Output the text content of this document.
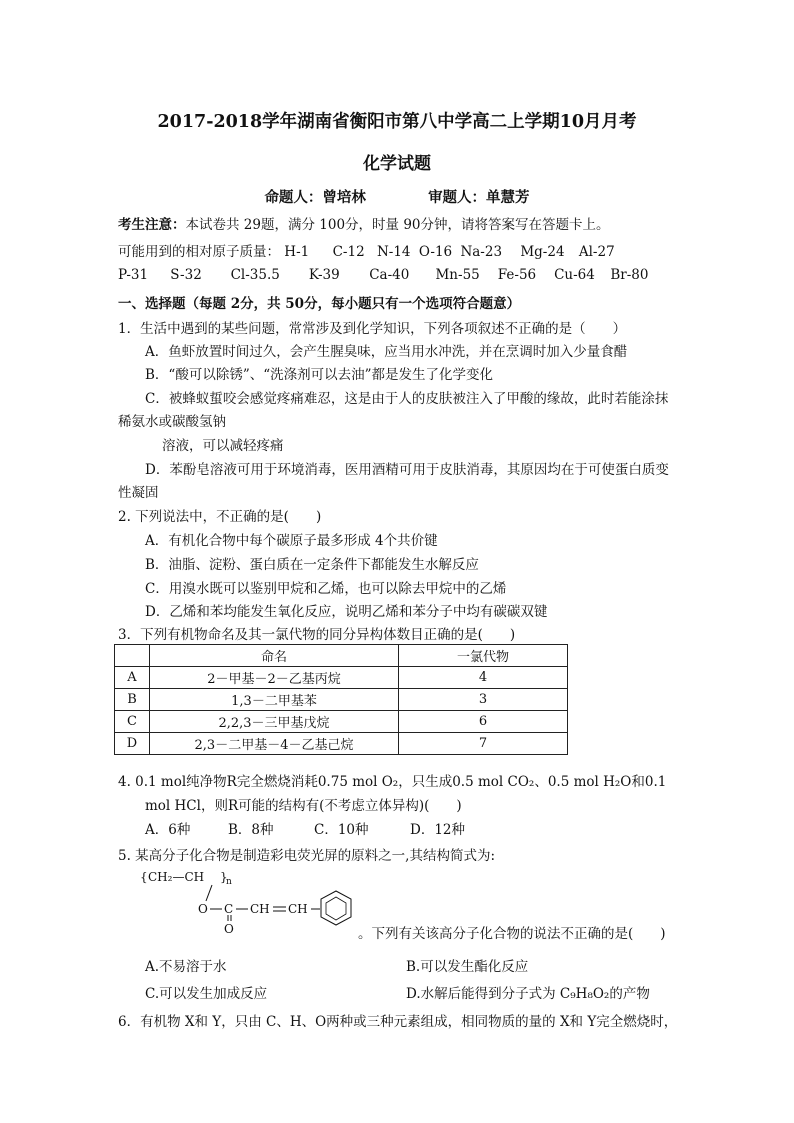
2017-2018学年湖南省衡阳市第八中学高二上学期10月月考
化学试题
命题人：曾培林	审题人：单慧芳
考生注意：本试卷共 29题，满分 100分，时量 90分钟，请将答案写在答题卡上。
可能用到的相对原子质量： H-1 C-12 N-14 O-16 Na-23 Mg-24 Al-27
P-31 S-32 Cl-35.5 K-39 Ca-40 Mn-55 Fe-56 Cu-64 Br-80
一、选择题（每题 2分，共 50分，每小题只有一个选项符合题意）
1．生活中遇到的某些问题，常常涉及到化学知识，下列各项叙述不正确的是（　　）
A．鱼虾放置时间过久，会产生腥臭味，应当用水冲洗，并在烹调时加入少量食醋
B．“酸可以除锈”、“洗涤剂可以去油”都是发生了化学变化
C．被蜂蚁蜇咬会感觉疼痛难忍，这是由于人的皮肤被注入了甲酸的缘故，此时若能涂抹
稀氨水或碳酸氢钠
溶液，可以减轻疼痛
D．苯酚皂溶液可用于环境消毒，医用酒精可用于皮肤消毒，其原因均在于可使蛋白质变
性凝固
2. 下列说法中，不正确的是(　　)
A．有机化合物中每个碳原子最多形成 4个共价键
B．油脂、淀粉、蛋白质在一定条件下都能发生水解反应
C．用溴水既可以鉴别甲烷和乙烯，也可以除去甲烷中的乙烯
D．乙烯和苯均能发生氧化反应，说明乙烯和苯分子中均有碳碳双键
3．下列有机物命名及其一氯代物的同分异构体数目正确的是(　　)
	命名	一氯代物
A	2－甲基－2－乙基丙烷	4
B	1,3－二甲基苯	3
C	2,2,3－三甲基戊烷	6
D	2,3－二甲基－4－乙基己烷	7
4. 0.1 mol纯净物R完全燃烧消耗0.75 mol O₂，只生成0.5 mol CO₂、0.5 mol H₂O和0.1
mol HCl，则R可能的结构有(不考虑立体异构)(　　)
A．6种	B．8种	C．10种	D．12种
5. 某高分子化合物是制造彩电荧光屏的原料之一,其结构简式为:
{ CH₂—CH }
n
O C CH CH
O	。下列有关该高分子化合物的说法不正确的是(　　)
A.不易溶于水	B.可以发生酯化反应
C.可以发生加成反应	D.水解后能得到分子式为 C₉H₈O₂的产物
6．有机物 X和 Y，只由 C、H、O两种或三种元素组成，相同物质的量的 X和 Y完全燃烧时，
